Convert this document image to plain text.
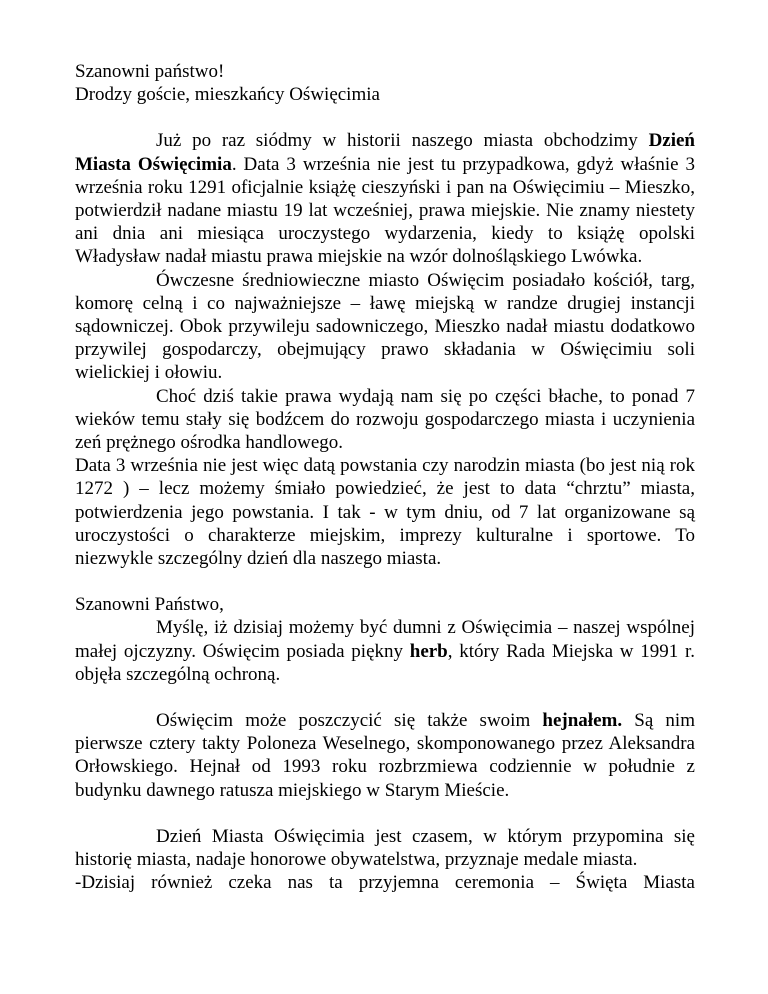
Szanowni państwo!

Drodzy goście, mieszkańcy Oświęcimia

Już po raz siódmy w historii naszego miasta obchodzimy Dzień Miasta Oświęcimia. Data 3 września nie jest tu przypadkowa, gdyż właśnie 3 września roku 1291 oficjalnie książę cieszyński i pan na Oświęcimiu – Mieszko, potwierdził nadane miastu 19 lat wcześniej, prawa miejskie. Nie znamy niestety ani dnia ani miesiąca uroczystego wydarzenia, kiedy to książę opolski Władysław nadał miastu prawa miejskie na wzór dolnośląskiego Lwówka.

Ówczesne średniowieczne miasto Oświęcim posiadało kościół, targ, komorę celną i co najważniejsze – ławę miejską w randze drugiej instancji sądowniczej. Obok przywileju sadowniczego, Mieszko nadał miastu dodatkowo przywilej gospodarczy, obejmujący prawo składania w Oświęcimiu soli wielickiej i ołowiu.

Choć dziś takie prawa wydają nam się po części błache, to ponad 7 wieków temu stały się bodźcem do rozwoju gospodarczego miasta i uczynienia zeń prężnego ośrodka handlowego.

Data 3 września nie jest więc datą powstania czy narodzin miasta (bo jest nią rok 1272 ) – lecz możemy śmiało powiedzieć, że jest to data “chrztu” miasta, potwierdzenia jego powstania. I tak - w tym dniu, od 7 lat organizowane są uroczystości o charakterze miejskim, imprezy kulturalne i sportowe. To niezwykle szczególny dzień dla naszego miasta.

Szanowni Państwo,

Myślę, iż dzisiaj możemy być dumni z Oświęcimia – naszej wspólnej małej ojczyzny. Oświęcim posiada piękny herb, który Rada Miejska w 1991 r. objęła szczególną ochroną.

Oświęcim może poszczycić się także swoim hejnałem. Są nim pierwsze cztery takty Poloneza Weselnego, skomponowanego przez Aleksandra Orłowskiego. Hejnał od 1993 roku rozbrzmiewa codziennie w południe z budynku dawnego ratusza miejskiego w Starym Mieście.

Dzień Miasta Oświęcimia jest czasem, w którym przypomina się historię miasta, nadaje honorowe obywatelstwa, przyznaje medale miasta.

-Dzisiaj również czeka nas ta przyjemna ceremonia – Święta Miasta
